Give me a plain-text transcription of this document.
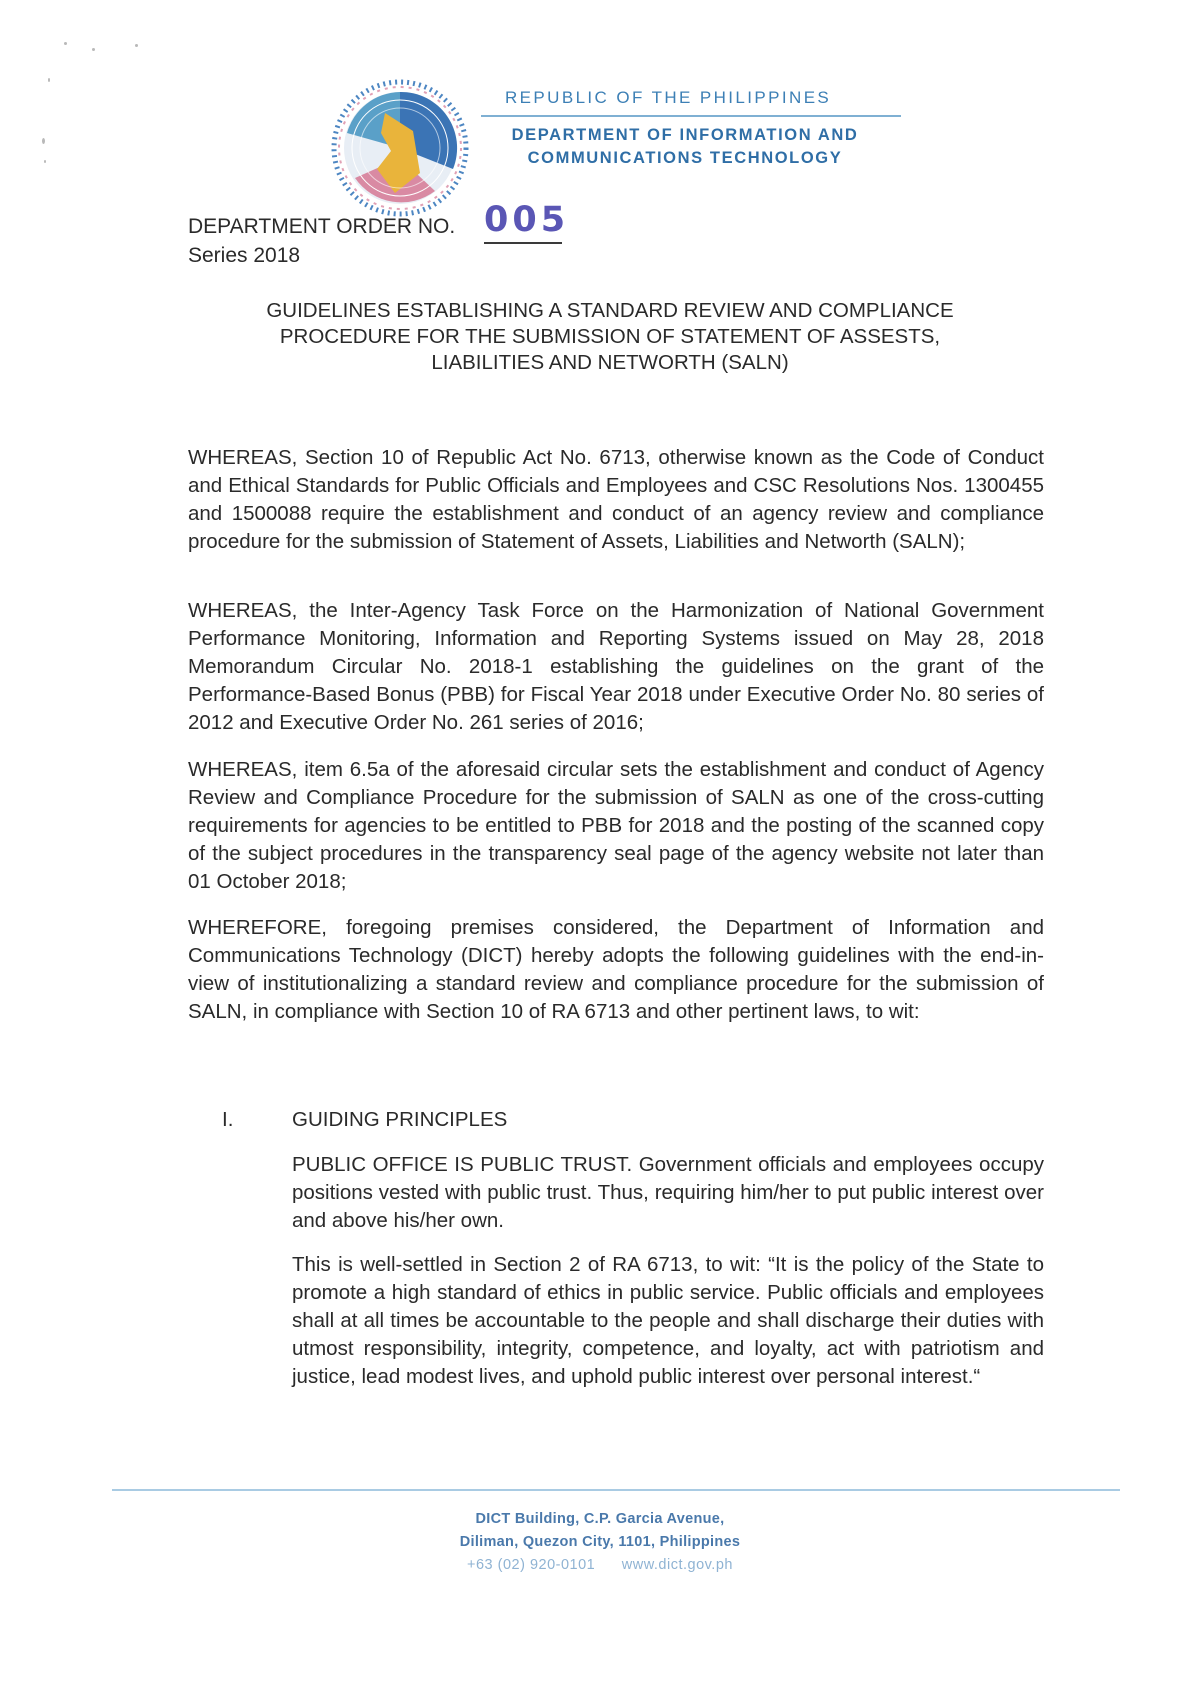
REPUBLIC OF THE PHILIPPINES
DEPARTMENT OF INFORMATION AND
COMMUNICATIONS TECHNOLOGY
DEPARTMENT ORDER NO. 005
Series 2018
GUIDELINES ESTABLISHING A STANDARD REVIEW AND COMPLIANCE
PROCEDURE FOR THE SUBMISSION OF STATEMENT OF ASSESTS,
LIABILITIES AND NETWORTH (SALN)

WHEREAS, Section 10 of Republic Act No. 6713, otherwise known as the Code of Conduct and Ethical Standards for Public Officials and Employees and CSC Resolutions Nos. 1300455 and 1500088 require the establishment and conduct of an agency review and compliance procedure for the submission of Statement of Assets, Liabilities and Networth (SALN);

WHEREAS, the Inter-Agency Task Force on the Harmonization of National Government Performance Monitoring, Information and Reporting Systems issued on May 28, 2018 Memorandum Circular No. 2018-1 establishing the guidelines on the grant of the Performance-Based Bonus (PBB) for Fiscal Year 2018 under Executive Order No. 80 series of 2012 and Executive Order No. 261 series of 2016;

WHEREAS, item 6.5a of the aforesaid circular sets the establishment and conduct of Agency Review and Compliance Procedure for the submission of SALN as one of the cross-cutting requirements for agencies to be entitled to PBB for 2018 and the posting of the scanned copy of the subject procedures in the transparency seal page of the agency website not later than 01 October 2018;

WHEREFORE, foregoing premises considered, the Department of Information and Communications Technology (DICT) hereby adopts the following guidelines with the end-in-view of institutionalizing a standard review and compliance procedure for the submission of SALN, in compliance with Section 10 of RA 6713 and other pertinent laws, to wit:

I.	GUIDING PRINCIPLES

PUBLIC OFFICE IS PUBLIC TRUST. Government officials and employees occupy positions vested with public trust. Thus, requiring him/her to put public interest over and above his/her own.

This is well-settled in Section 2 of RA 6713, to wit: “It is the policy of the State to promote a high standard of ethics in public service. Public officials and employees shall at all times be accountable to the people and shall discharge their duties with utmost responsibility, integrity, competence, and loyalty, act with patriotism and justice, lead modest lives, and uphold public interest over personal interest.“

DICT Building, C.P. Garcia Avenue,
Diliman, Quezon City, 1101, Philippines
+63 (02) 920-0101 www.dict.gov.ph
